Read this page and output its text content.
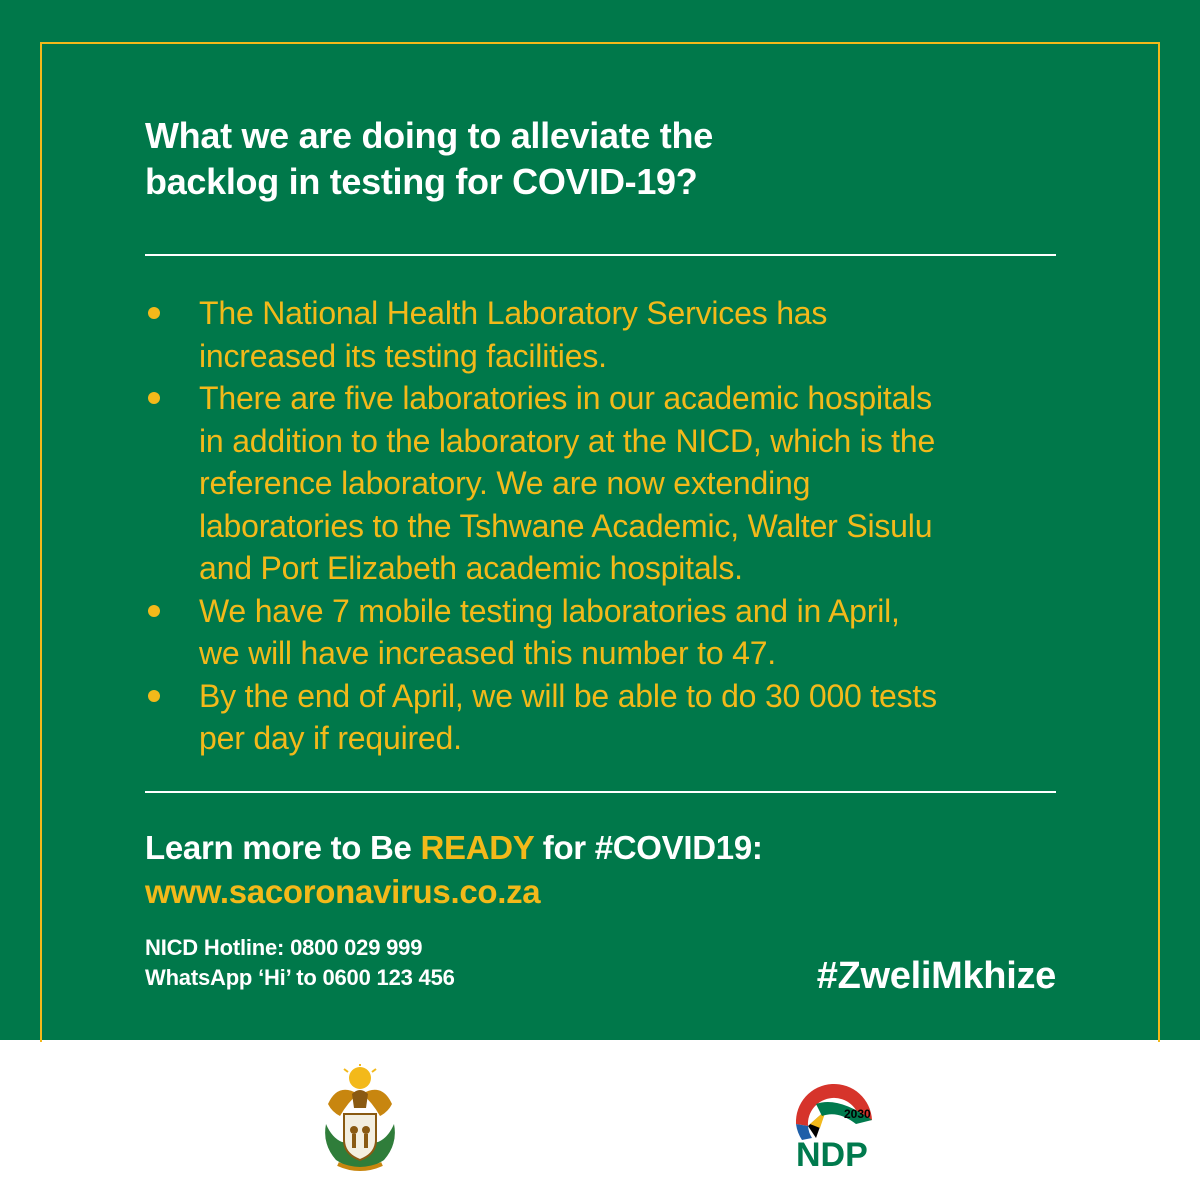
What we are doing to alleviate the
backlog in testing for COVID-19?
The National Health Laboratory Services has
increased its testing facilities.
There are five laboratories in our academic hospitals
in addition to the laboratory at the NICD, which is the
reference laboratory. We are now extending
laboratories to the Tshwane Academic, Walter Sisulu
and Port Elizabeth academic hospitals.
We have 7 mobile testing laboratories and in April,
we will have increased this number to 47.
By the end of April, we will be able to do 30 000 tests
per day if required.
Learn more to Be READY for #COVID19:
www.sacoronavirus.co.za
NICD Hotline: 0800 029 999
WhatsApp ‘Hi’ to 0600 123 456	#ZweliMkhize
2030
NDP
